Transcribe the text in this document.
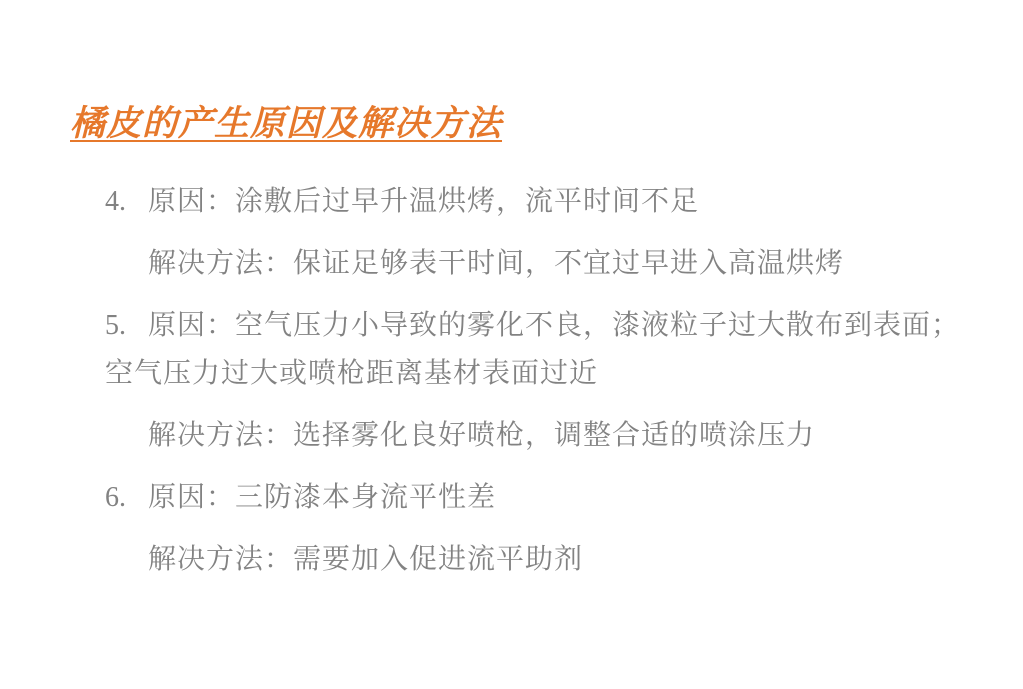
橘皮的产生原因及解决方法

4. 原因：涂敷后过早升温烘烤，流平时间不足

解决方法：保证足够表干时间，不宜过早进入高温烘烤

5. 原因：空气压力小导致的雾化不良，漆液粒子过大散布到表面；空气压力过大或喷枪距离基材表面过近

解决方法：选择雾化良好喷枪，调整合适的喷涂压力

6. 原因：三防漆本身流平性差

解决方法：需要加入促进流平助剂
